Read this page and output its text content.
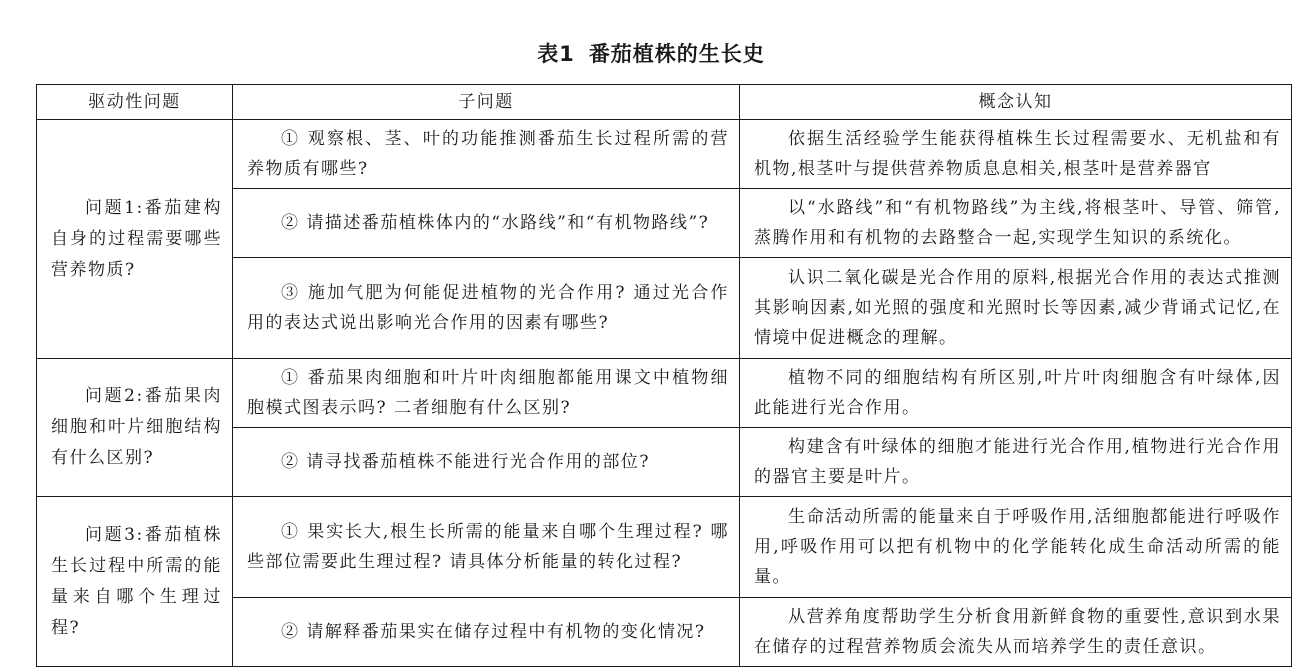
表1 番茄植株的生长史
驱动性问题	子问题	概念认知
问题1:番茄建构自身的过程需要哪些营养物质?	① 观察根、茎、叶的功能推测番茄生长过程所需的营养物质有哪些?	依据生活经验学生能获得植株生长过程需要水、无机盐和有机物,根茎叶与提供营养物质息息相关,根茎叶是营养器官
	② 请描述番茄植株体内的“水路线”和“有机物路线”?	以“水路线”和“有机物路线”为主线,将根茎叶、导管、筛管,蒸腾作用和有机物的去路整合一起,实现学生知识的系统化。
	③ 施加气肥为何能促进植物的光合作用? 通过光合作用的表达式说出影响光合作用的因素有哪些?	认识二氧化碳是光合作用的原料,根据光合作用的表达式推测其影响因素,如光照的强度和光照时长等因素,减少背诵式记忆,在情境中促进概念的理解。
问题2:番茄果肉细胞和叶片细胞结构有什么区别?	① 番茄果肉细胞和叶片叶肉细胞都能用课文中植物细胞模式图表示吗? 二者细胞有什么区别?	植物不同的细胞结构有所区别,叶片叶肉细胞含有叶绿体,因此能进行光合作用。
	② 请寻找番茄植株不能进行光合作用的部位?	构建含有叶绿体的细胞才能进行光合作用,植物进行光合作用的器官主要是叶片。
问题3:番茄植株生长过程中所需的能量来自哪个生理过程?	① 果实长大,根生长所需的能量来自哪个生理过程? 哪些部位需要此生理过程? 请具体分析能量的转化过程?	生命活动所需的能量来自于呼吸作用,活细胞都能进行呼吸作用,呼吸作用可以把有机物中的化学能转化成生命活动所需的能量。
	② 请解释番茄果实在储存过程中有机物的变化情况?	从营养角度帮助学生分析食用新鲜食物的重要性,意识到水果在储存的过程营养物质会流失从而培养学生的责任意识。
